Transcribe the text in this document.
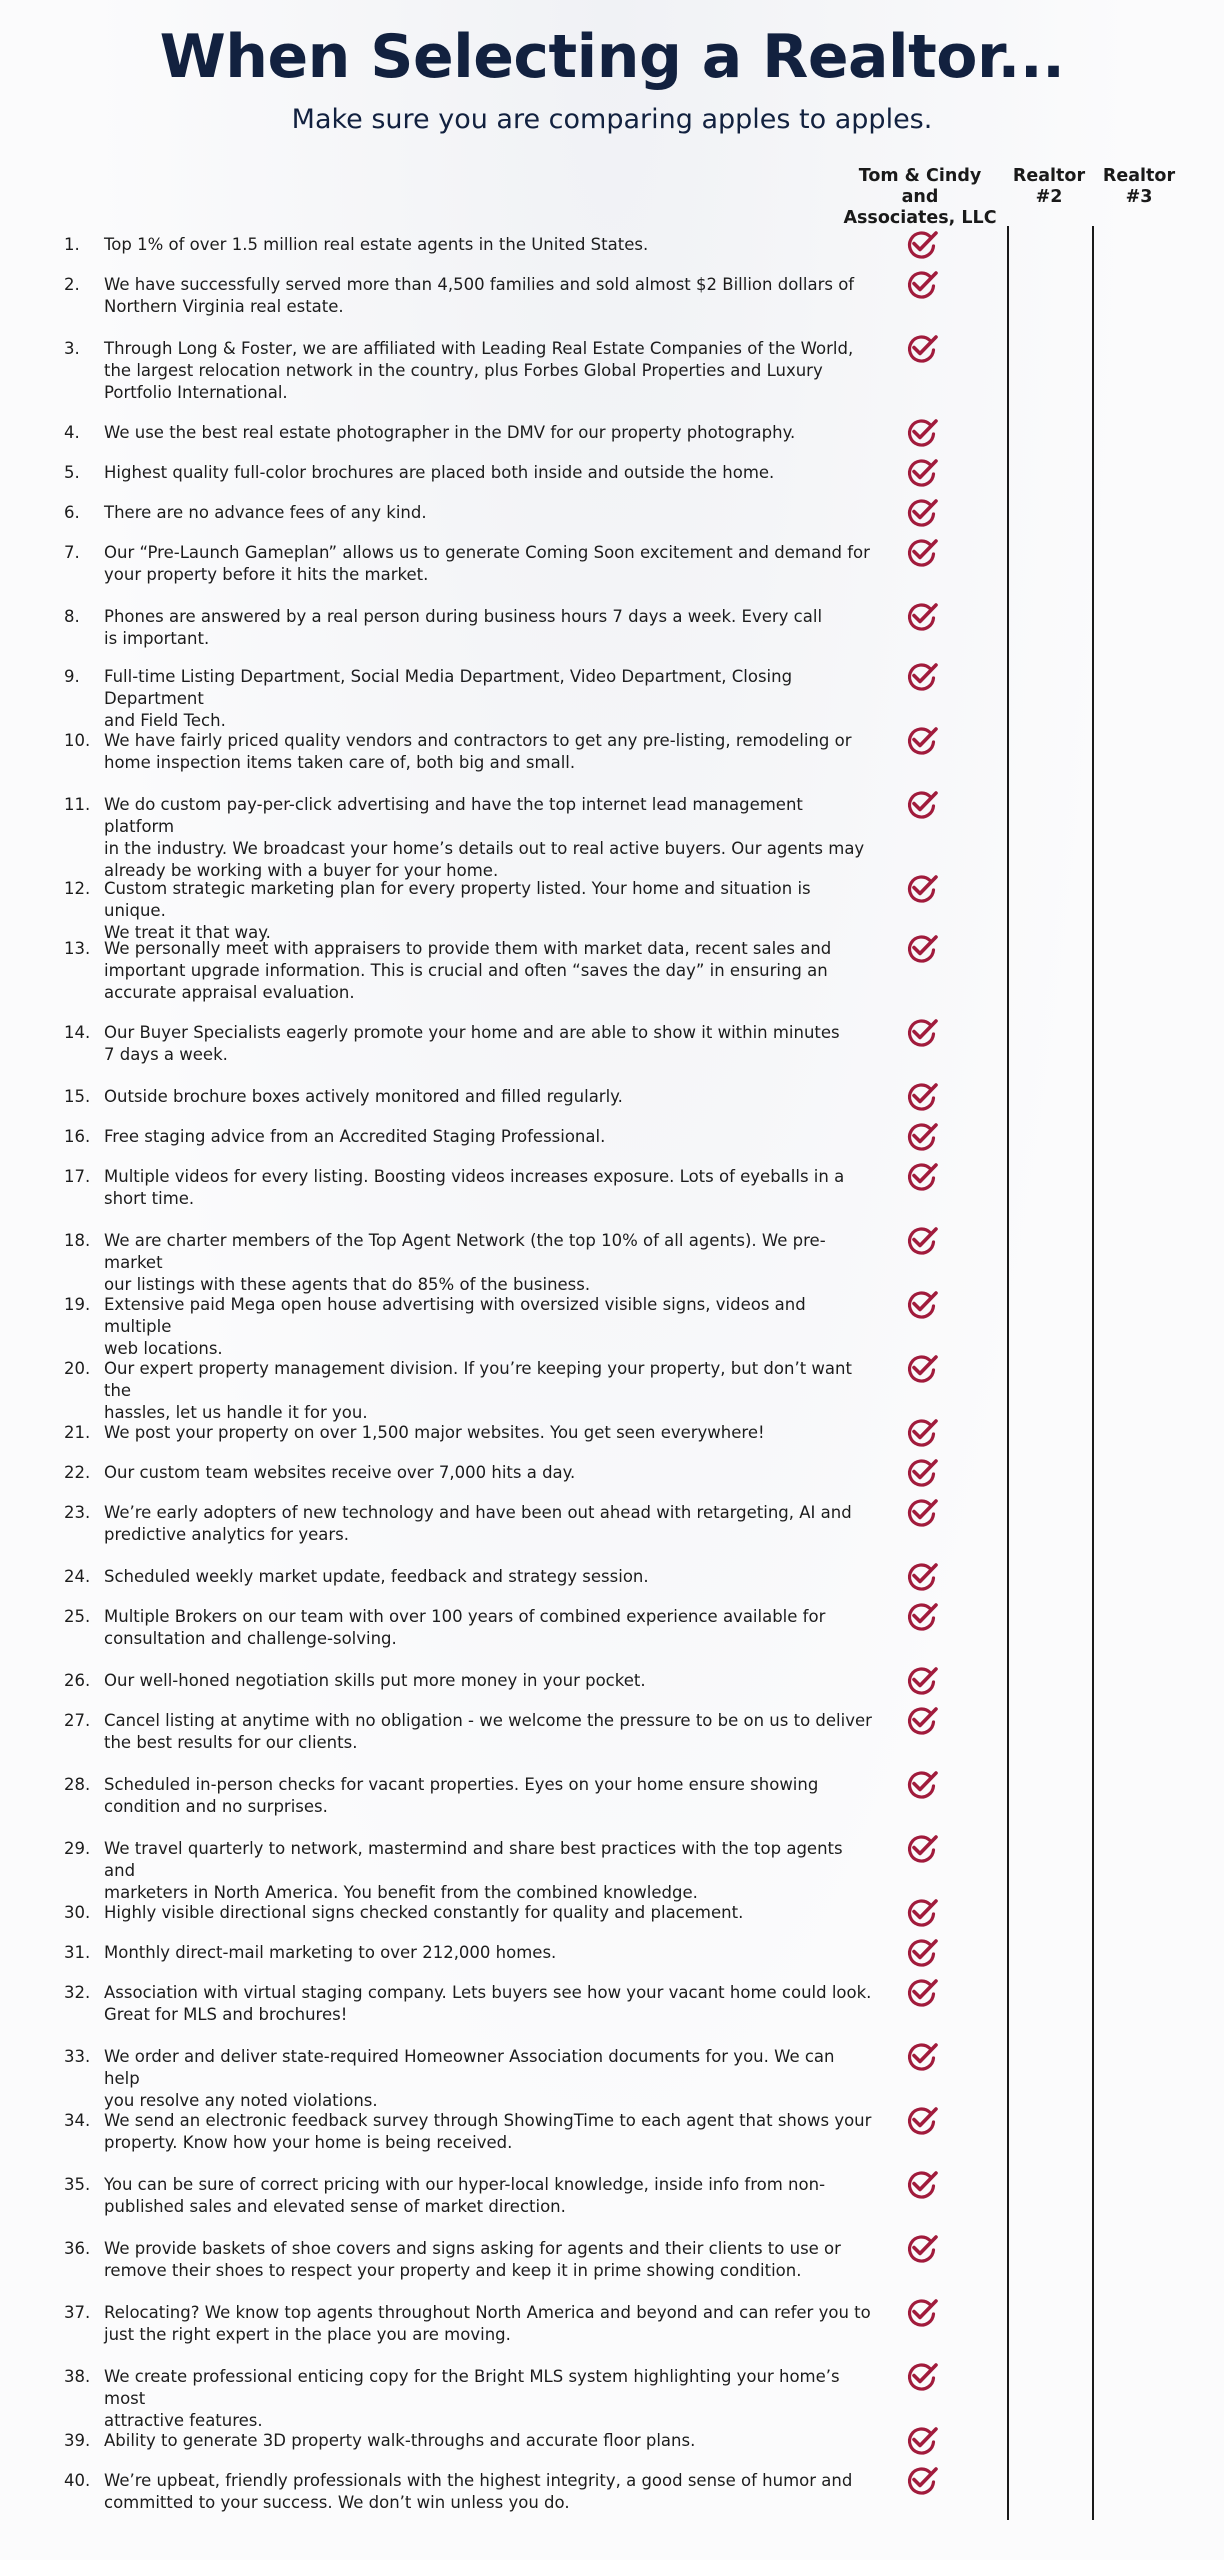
When Selecting a Realtor...

Make sure you are comparing apples to apples.

Tom & Cindy and
Associates, LLC
Realtor
#2
Realtor
#3
1.	Top 1% of over 1.5 million real estate agents in the United States.
2.	We have successfully served more than 4,500 families and sold almost $2 Billion dollars of
Northern Virginia real estate.
3.	Through Long & Foster, we are affiliated with Leading Real Estate Companies of the World,
the largest relocation network in the country, plus Forbes Global Properties and Luxury
Portfolio International.
4.	We use the best real estate photographer in the DMV for our property photography.
5.	Highest quality full-color brochures are placed both inside and outside the home.
6.	There are no advance fees of any kind.
7.	Our “Pre-Launch Gameplan” allows us to generate Coming Soon excitement and demand for
your property before it hits the market.
8.	Phones are answered by a real person during business hours 7 days a week. Every call
is important.
9.	Full-time Listing Department, Social Media Department, Video Department, Closing Department
and Field Tech.
10. We have fairly priced quality vendors and contractors to get any pre-listing, remodeling or
home inspection items taken care of, both big and small.
11. We do custom pay-per-click advertising and have the top internet lead management platform
in the industry. We broadcast your home’s details out to real active buyers. Our agents may
already be working with a buyer for your home.
12. Custom strategic marketing plan for every property listed. Your home and situation is unique.
We treat it that way.
13. We personally meet with appraisers to provide them with market data, recent sales and
important upgrade information. This is crucial and often “saves the day” in ensuring an
accurate appraisal evaluation.
14. Our Buyer Specialists eagerly promote your home and are able to show it within minutes
7 days a week.
15. Outside brochure boxes actively monitored and filled regularly.
16. Free staging advice from an Accredited Staging Professional.
17. Multiple videos for every listing. Boosting videos increases exposure. Lots of eyeballs in a
short time.
18. We are charter members of the Top Agent Network (the top 10% of all agents). We pre-market
our listings with these agents that do 85% of the business.
19. Extensive paid Mega open house advertising with oversized visible signs, videos and multiple
web locations.
20. Our expert property management division. If you’re keeping your property, but don’t want the
hassles, let us handle it for you.
21. We post your property on over 1,500 major websites. You get seen everywhere!
22. Our custom team websites receive over 7,000 hits a day.
23. We’re early adopters of new technology and have been out ahead with retargeting, AI and
predictive analytics for years.
24. Scheduled weekly market update, feedback and strategy session.
25. Multiple Brokers on our team with over 100 years of combined experience available for
consultation and challenge-solving.
26. Our well-honed negotiation skills put more money in your pocket.
27. Cancel listing at anytime with no obligation - we welcome the pressure to be on us to deliver
the best results for our clients.
28. Scheduled in-person checks for vacant properties. Eyes on your home ensure showing
condition and no surprises.
29. We travel quarterly to network, mastermind and share best practices with the top agents and
marketers in North America. You benefit from the combined knowledge.
30. Highly visible directional signs checked constantly for quality and placement.
31. Monthly direct-mail marketing to over 212,000 homes.
32. Association with virtual staging company. Lets buyers see how your vacant home could look.
Great for MLS and brochures!
33. We order and deliver state-required Homeowner Association documents for you. We can help
you resolve any noted violations.
34. We send an electronic feedback survey through ShowingTime to each agent that shows your
property. Know how your home is being received.
35. You can be sure of correct pricing with our hyper-local knowledge, inside info from non-
published sales and elevated sense of market direction.
36. We provide baskets of shoe covers and signs asking for agents and their clients to use or
remove their shoes to respect your property and keep it in prime showing condition.
37. Relocating? We know top agents throughout North America and beyond and can refer you to
just the right expert in the place you are moving.
38. We create professional enticing copy for the Bright MLS system highlighting your home’s most
attractive features.
39. Ability to generate 3D property walk-throughs and accurate floor plans.
40. We’re upbeat, friendly professionals with the highest integrity, a good sense of humor and
committed to your success. We don’t win unless you do.
